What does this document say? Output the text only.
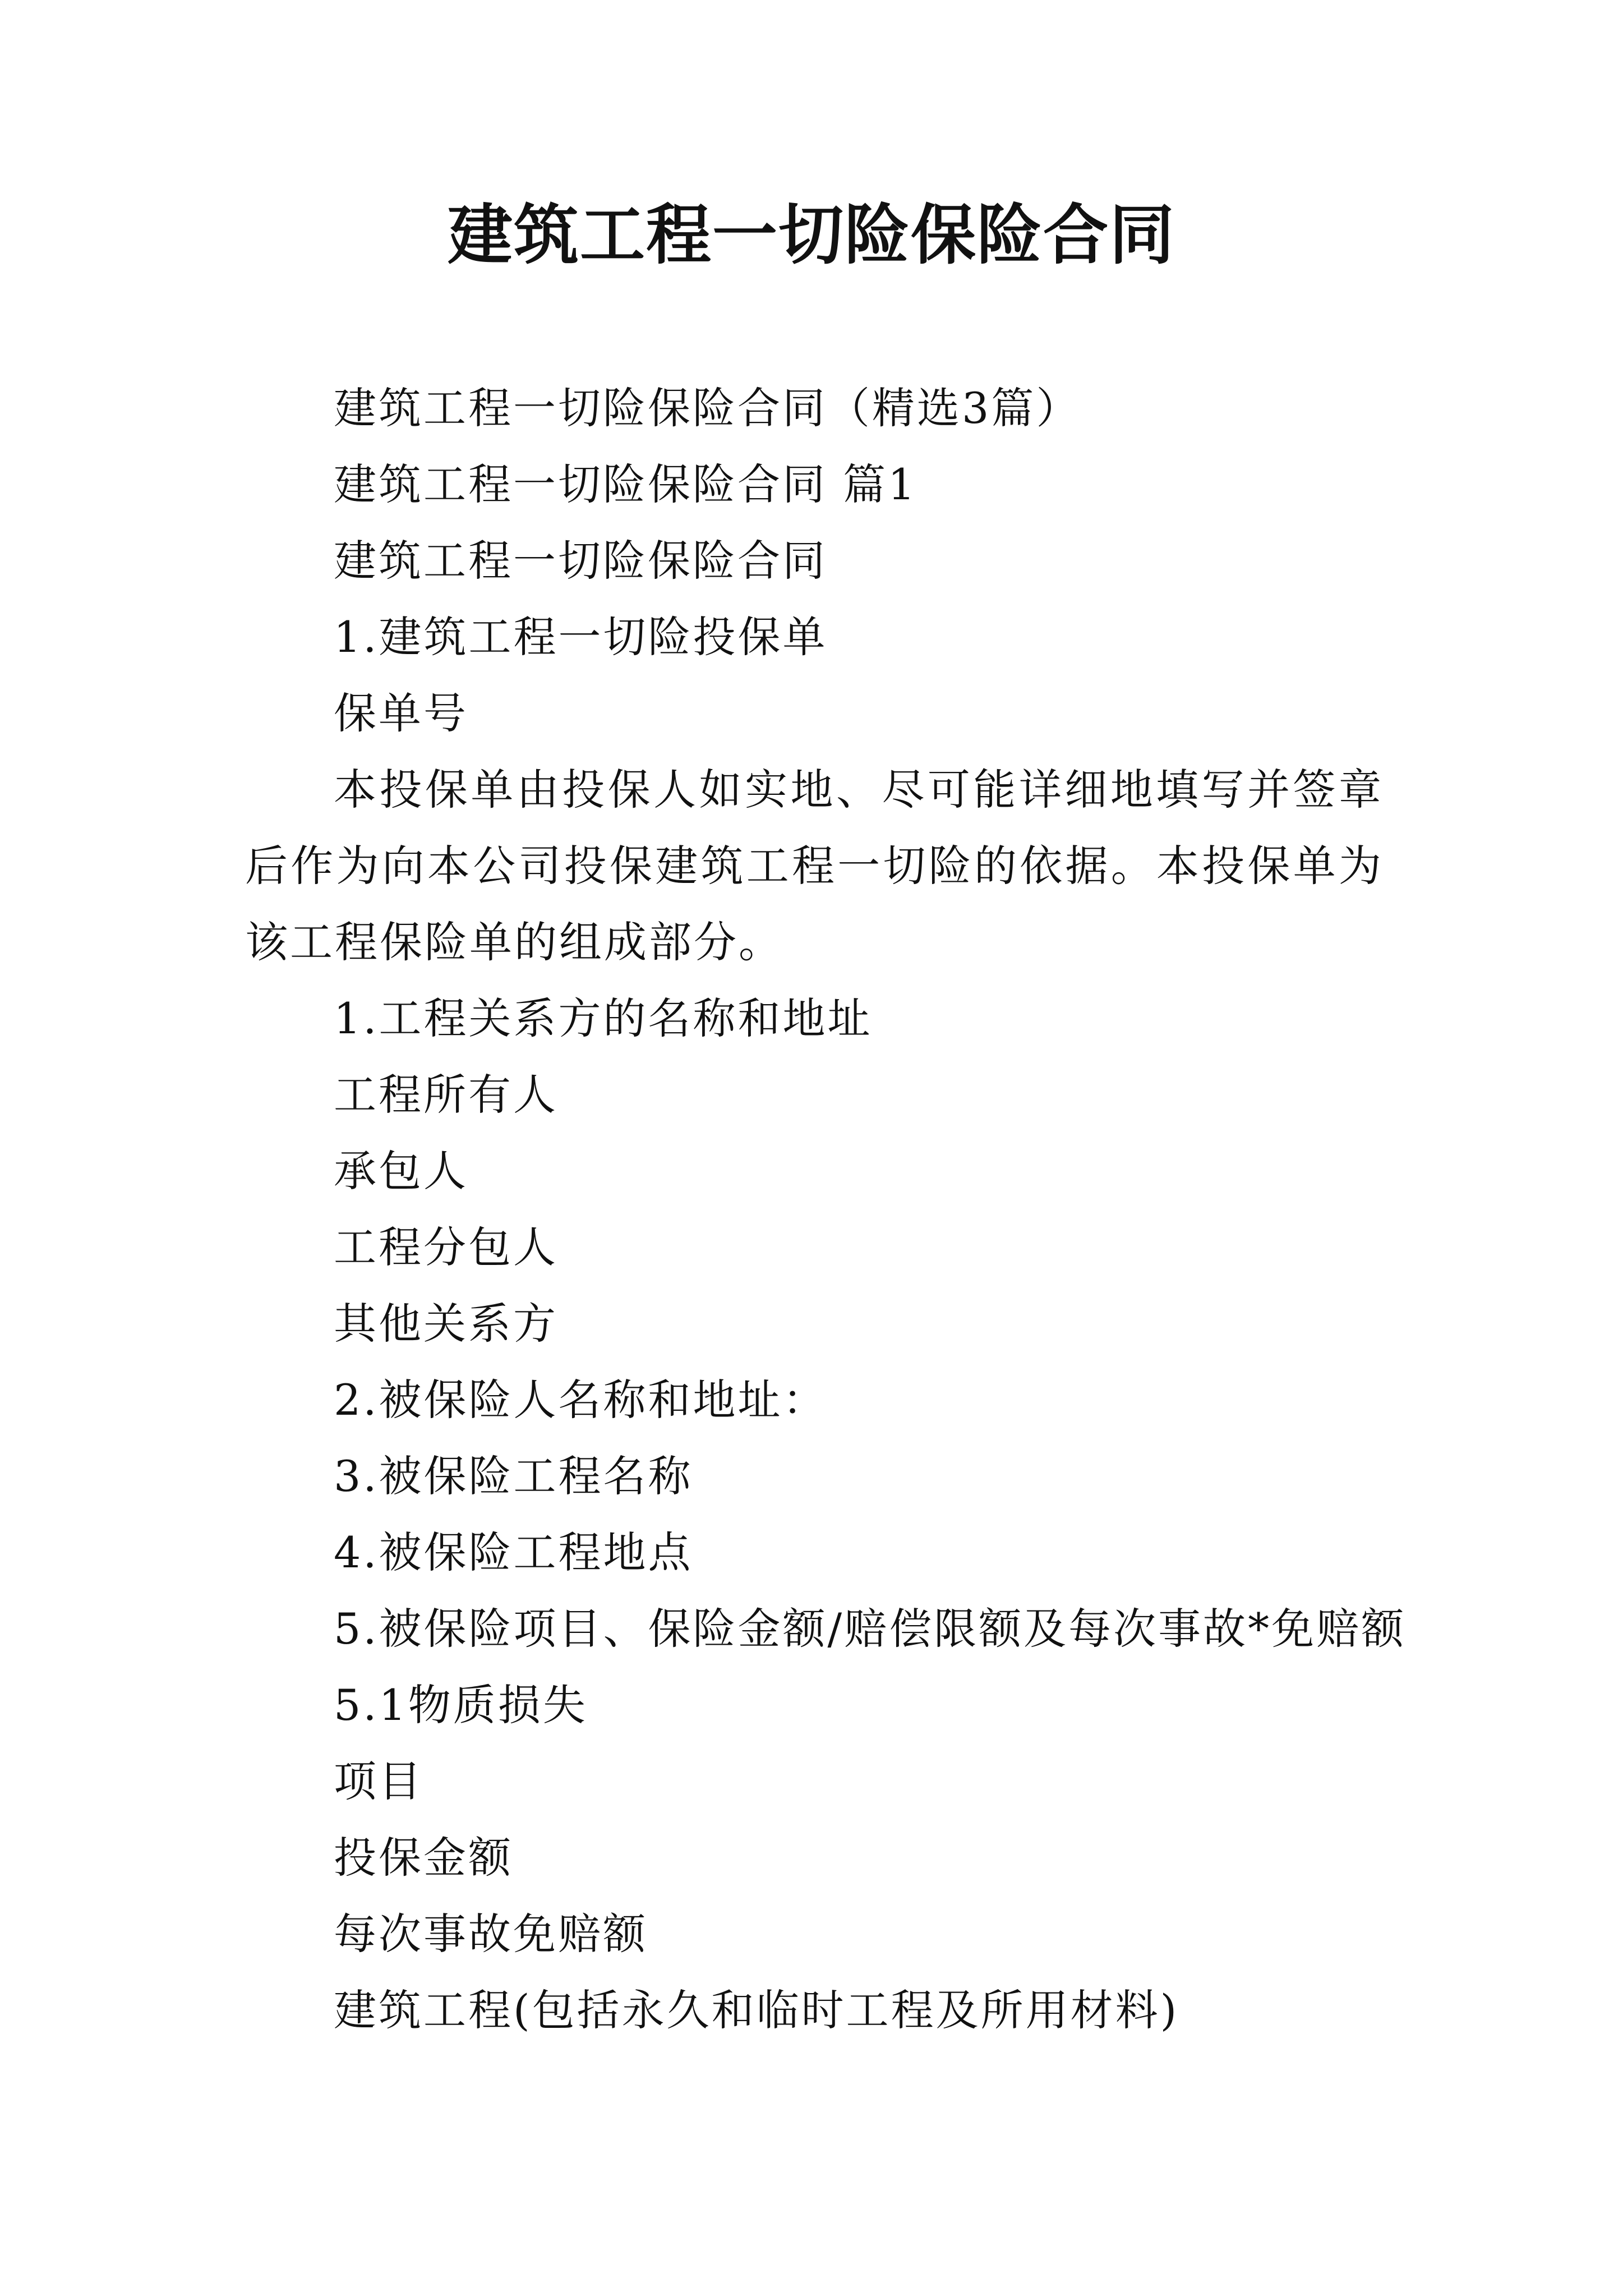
建筑工程一切险保险合同

建筑工程一切险保险合同（精选3篇）

建筑工程一切险保险合同 篇1

建筑工程一切险保险合同

1.建筑工程一切险投保单

保单号

本投保单由投保人如实地、尽可能详细地填写并签章后作为向本公司投保建筑工程一切险的依据。本投保单为该工程保险单的组成部分。

1.工程关系方的名称和地址

工程所有人

承包人

工程分包人

其他关系方

2.被保险人名称和地址：

3.被保险工程名称

4.被保险工程地点

5.被保险项目、保险金额/赔偿限额及每次事故*免赔额

5.1物质损失

项目

投保金额

每次事故免赔额

建筑工程(包括永久和临时工程及所用材料)
